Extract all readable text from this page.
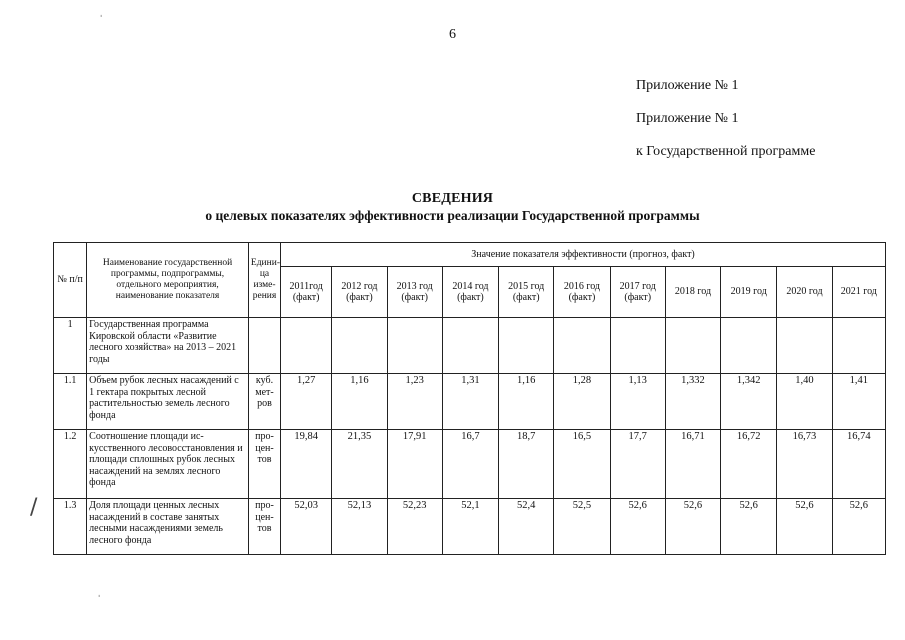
6
Приложение № 1
Приложение № 1
к Государственной программе
СВЕДЕНИЯ
о целевых показателях эффективности реализации Государственной программы
ˈ
/
ˈ
№ п/п	Наименование государственной программы, подпрограммы, отдельного мероприятия, наименование показателя	Единица измерения	Значение показателя эффективности (прогноз, факт)										
			2011год (факт)	2012 год (факт)	2013 год (факт)	2014 год (факт)	2015 год (факт)	2016 год (факт)	2017 год (факт)	2018 год	2019 год	2020 год	2021 год
1	Государственная программа Кировской области «Развитие лесного хозяйства» на 2013 – 2021 годы												
1.1	Объем рубок лесных насаждений с 1 гектара покрытых лесной растительностью земель лесного фонда	куб. метров	1,27	1,16	1,23	1,31	1,16	1,28	1,13	1,332	1,342	1,40	1,41
1.2	Соотношение площади искусственного лесовосстановления и площади сплошных рубок лесных насаждений на землях лесного фонда	процентов	19,84	21,35	17,91	16,7	18,7	16,5	17,7	16,71	16,72	16,73	16,74
1.3	Доля площади ценных лесных насаждений в составе занятых лесными насаждениями земель лесного фонда	процентов	52,03	52,13	52,23	52,1	52,4	52,5	52,6	52,6	52,6	52,6	52,6
